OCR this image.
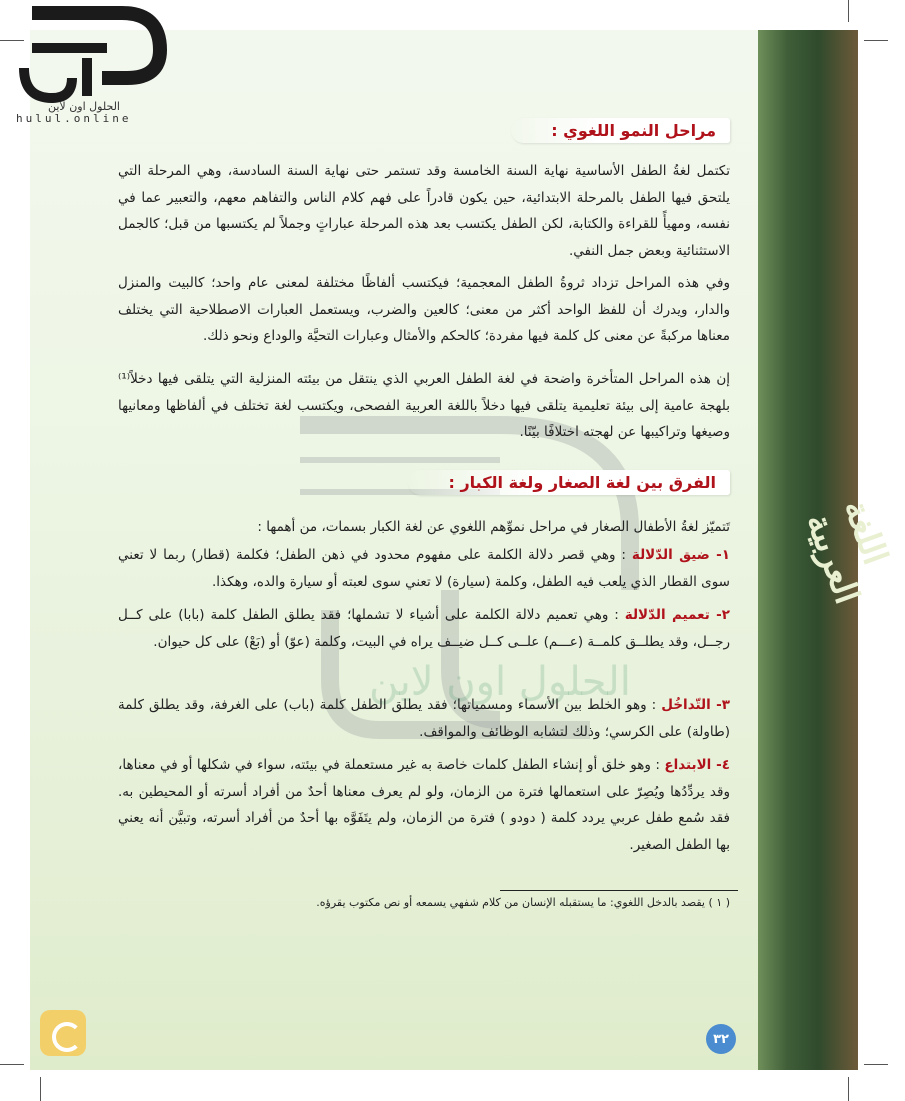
اللغة العربية
الحلول اون لاين
مراحل النمو اللغوي :
تكتمل لغةُ الطفل الأساسية نهاية السنة الخامسة وقد تستمر حتى نهاية السنة السادسة، وهي المرحلة التي يلتحق فيها الطفل بالمرحلة الابتدائية، حين يكون قادراً على فهم كلام الناس والتفاهم معهم، والتعبير عما في نفسه، ومهيأً للقراءة والكتابة، لكن الطفل يكتسب بعد هذه المرحلة عباراتٍ وجملاً لم يكتسبها من قبل؛ كالجمل الاستثنائية وبعض جمل النفي.
وفي هذه المراحل تزداد ثروةُ الطفل المعجمية؛ فيكتسب ألفاظًا مختلفة لمعنى عام واحد؛ كالبيت والمنزل والدار، ويدرك أن للفظ الواحد أكثر من معنى؛ كالعين والضرب، ويستعمل العبارات الاصطلاحية التي يختلف معناها مركبةً عن معنى كل كلمة فيها مفردة؛ كالحكم والأمثال وعبارات التحيَّة والوداع ونحو ذلك.
إن هذه المراحل المتأخرة واضحة في لغة الطفل العربي الذي ينتقل من بيئته المنزلية التي يتلقى فيها دخلاً⁽¹⁾ بلهجة عامية إلى بيئة تعليمية يتلقى فيها دخلاً باللغة العربية الفصحى، ويكتسب لغة تختلف في ألفاظها ومعانيها وصيغها وتراكيبها عن لهجته اختلافًا بيّنًا.
الفرق بين لغة الصغار ولغة الكبار :
تَتميّز لغةُ الأطفال الصغار في مراحل نموِّهم اللغوي عن لغة الكبار بسمات، من أهمها :
١- ضيق الدّلالة : وهي قصر دلالة الكلمة على مفهوم محدود في ذهن الطفل؛ فكلمة (قطار) ربما لا تعني سوى القطار الذي يلعب فيه الطفل، وكلمة (سيارة) لا تعني سوى لعبته أو سيارة والده، وهكذا.
٢- تعميم الدّلالة : وهي تعميم دلالة الكلمة على أشياء لا تشملها؛ فقد يطلق الطفل كلمة (بابا) على كــل رجــل، وقد يطلــق كلمــة (عـــم) علــى كــل ضيــف يراه في البيت، وكلمة (عوّ) أو (بَعْ) على كل حيوان.
٣- التّداخُل : وهو الخلط بين الأسماء ومسمياتها؛ فقد يطلق الطفل كلمة (باب) على الغرفة، وقد يطلق كلمة (طاولة) على الكرسي؛ وذلك لتشابه الوظائف والمواقف.
٤- الابتداع : وهو خلق أو إنشاء الطفل كلمات خاصة به غير مستعملة في بيئته، سواء في شكلها أو في معناها، وقد يردِّدُها ويُصِرّ على استعمالها فترة من الزمان، ولو لم يعرف معناها أحدٌ من أفراد أسرته أو المحيطين به. فقد سُمع طفل عربي يردد كلمة ( دودو ) فترة من الزمان، ولم يتَفَوَّه بها أحدٌ من أفراد أسرته، وتبيَّن أنه يعني بها الطفل الصغير.
( ١ ) يقصد بالدخل اللغوي: ما يستقبله الإنسان من كلام شفهي يسمعه أو نص مكتوب يقرؤه.
٣٢
الحلول اون لاين
hulul.online
